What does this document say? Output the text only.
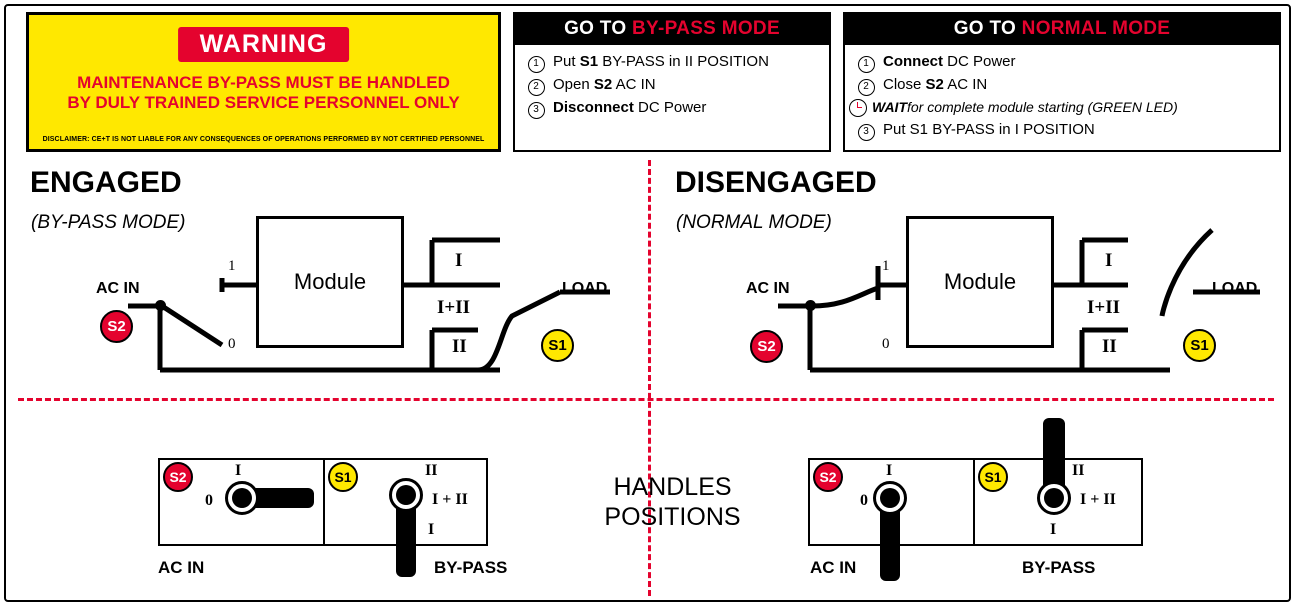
WARNING
MAINTENANCE BY-PASS MUST BE HANDLED
BY DULY TRAINED SERVICE PERSONNEL ONLY
DISCLAIMER: CE+T IS NOT LIABLE FOR ANY CONSEQUENCES OF OPERATIONS PERFORMED BY NOT CERTIFIED PERSONNEL
GO TO BY-PASS MODE
1 Put S1 BY-PASS in II POSITION
2 Open S2 AC IN
3 Disconnect DC Power
GO TO NORMAL MODE
1 Connect DC Power
2 Close S2 AC IN
WAIT for complete module starting (GREEN LED)
3 Put S1 BY-PASS in I POSITION
ENGAGED
(BY-PASS MODE)
Module
AC IN	LOAD
1
0
I
I+II
II
S2
S1
DISENGAGED
(NORMAL MODE)
Module
AC IN	LOAD
1
0
I
I+II
II
S2	S1
HANDLES
POSITIONS
S2	S1
I
0
II
I + II
I
AC IN	BY-PASS
S2	S1
I
0
II
I + II
I
AC IN	BY-PASS
